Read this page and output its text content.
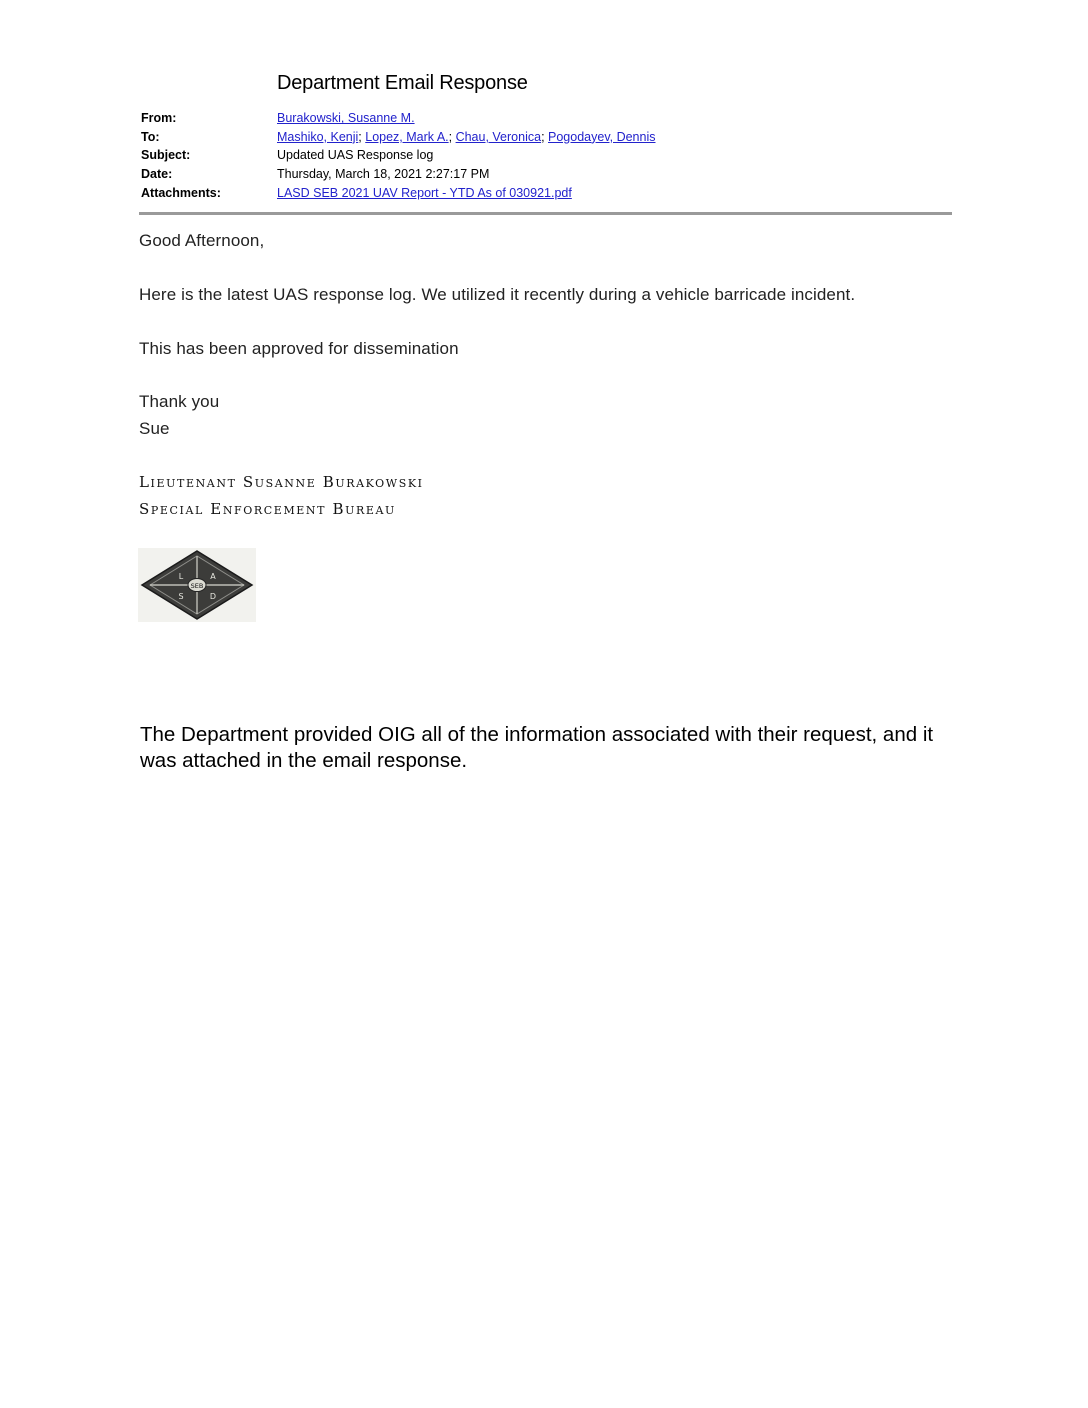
Department Email Response
From:	Burakowski, Susanne M.
To:	Mashiko, Kenji; Lopez, Mark A.; Chau, Veronica; Pogodayev, Dennis
Subject:	Updated UAS Response log
Date:	Thursday, March 18, 2021 2:27:17 PM
Attachments:	LASD SEB 2021 UAV Report - YTD As of 030921.pdf
Good Afternoon,
Here is the latest UAS response log. We utilized it recently during a vehicle barricade incident.
This has been approved for dissemination
Thank you
Sue
Lieutenant Susanne Burakowski
Special Enforcement Bureau
SEB
L	A
S	D
The Department provided OIG all of the information associated with their request, and it was attached in the email response.
